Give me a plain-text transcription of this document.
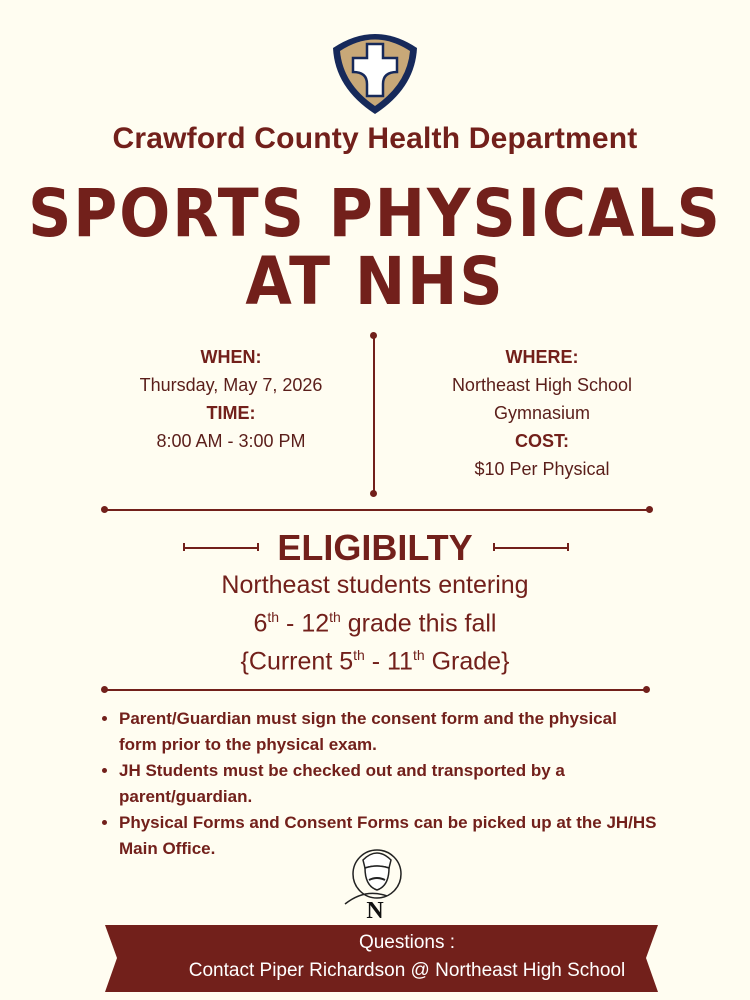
Crawford County Health Department
SPORTS PHYSICALS
AT NHS
WHEN:
Thursday, May 7, 2026
TIME:
8:00 AM - 3:00 PM
WHERE:
Northeast High School
Gymnasium
COST:
$10 Per Physical
ELIGIBILTY
Northeast students entering
6th - 12th grade this fall
{Current 5th - 11th Grade}
• Parent/Guardian must sign the consent form and the physical form prior to the physical exam.
• JH Students must be checked out and transported by a parent/guardian.
• Physical Forms and Consent Forms can be picked up at the JH/HS Main Office.
N
Questions :
Contact Piper Richardson @ Northeast High School
